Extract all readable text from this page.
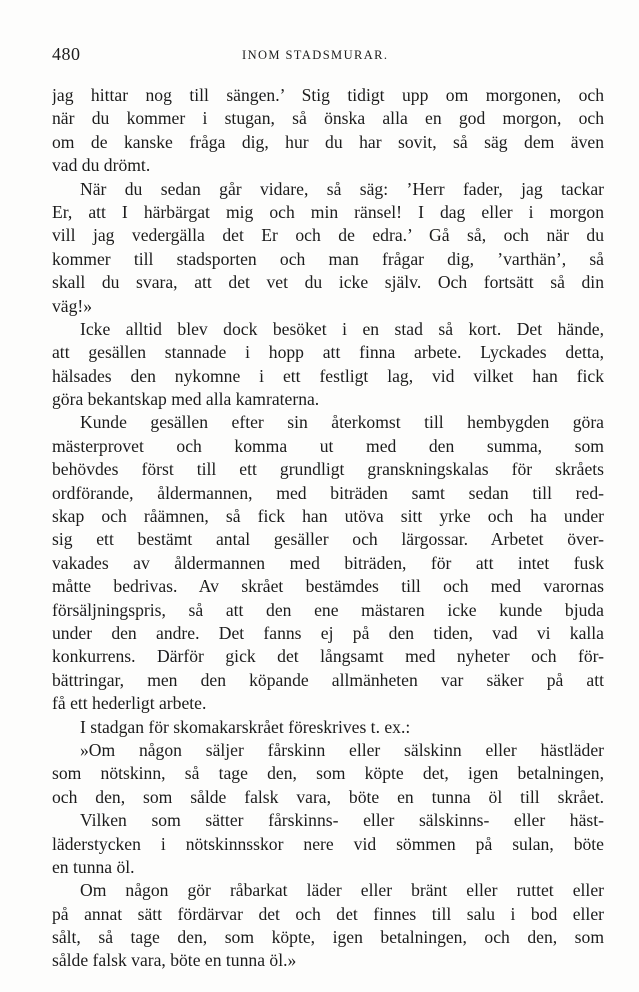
480	INOM STADSMURAR.
jag hittar nog till sängen.’ Stig tidigt upp om morgonen, och
när du kommer i stugan, så önska alla en god morgon, och
om de kanske fråga dig, hur du har sovit, så säg dem även
vad du drömt.
När du sedan går vidare, så säg: ’Herr fader, jag tackar
Er, att I härbärgat mig och min ränsel! I dag eller i morgon
vill jag vedergälla det Er och de edra.’ Gå så, och när du
kommer till stadsporten och man frågar dig, ’varthän’, så
skall du svara, att det vet du icke själv. Och fortsätt så din
väg!»
Icke alltid blev dock besöket i en stad så kort. Det hände,
att gesällen stannade i hopp att finna arbete. Lyckades detta,
hälsades den nykomne i ett festligt lag, vid vilket han fick
göra bekantskap med alla kamraterna.
Kunde gesällen efter sin återkomst till hembygden göra
mästerprovet och komma ut med den summa, som
behövdes först till ett grundligt granskningskalas för skråets
ordförande, åldermannen, med biträden samt sedan till red-
skap och råämnen, så fick han utöva sitt yrke och ha under
sig ett bestämt antal gesäller och lärgossar. Arbetet över-
vakades av åldermannen med biträden, för att intet fusk
måtte bedrivas. Av skrået bestämdes till och med varornas
försäljningspris, så att den ene mästaren icke kunde bjuda
under den andre. Det fanns ej på den tiden, vad vi kalla
konkurrens. Därför gick det långsamt med nyheter och för-
bättringar, men den köpande allmänheten var säker på att
få ett hederligt arbete.
I stadgan för skomakarskrået föreskrives t. ex.:
»Om någon säljer fårskinn eller sälskinn eller hästläder
som nötskinn, så tage den, som köpte det, igen betalningen,
och den, som sålde falsk vara, böte en tunna öl till skrået.
Vilken som sätter fårskinns- eller sälskinns- eller häst-
läderstycken i nötskinnsskor nere vid sömmen på sulan, böte
en tunna öl.
Om någon gör råbarkat läder eller bränt eller ruttet eller
på annat sätt fördärvar det och det finnes till salu i bod eller
sålt, så tage den, som köpte, igen betalningen, och den, som
sålde falsk vara, böte en tunna öl.»
